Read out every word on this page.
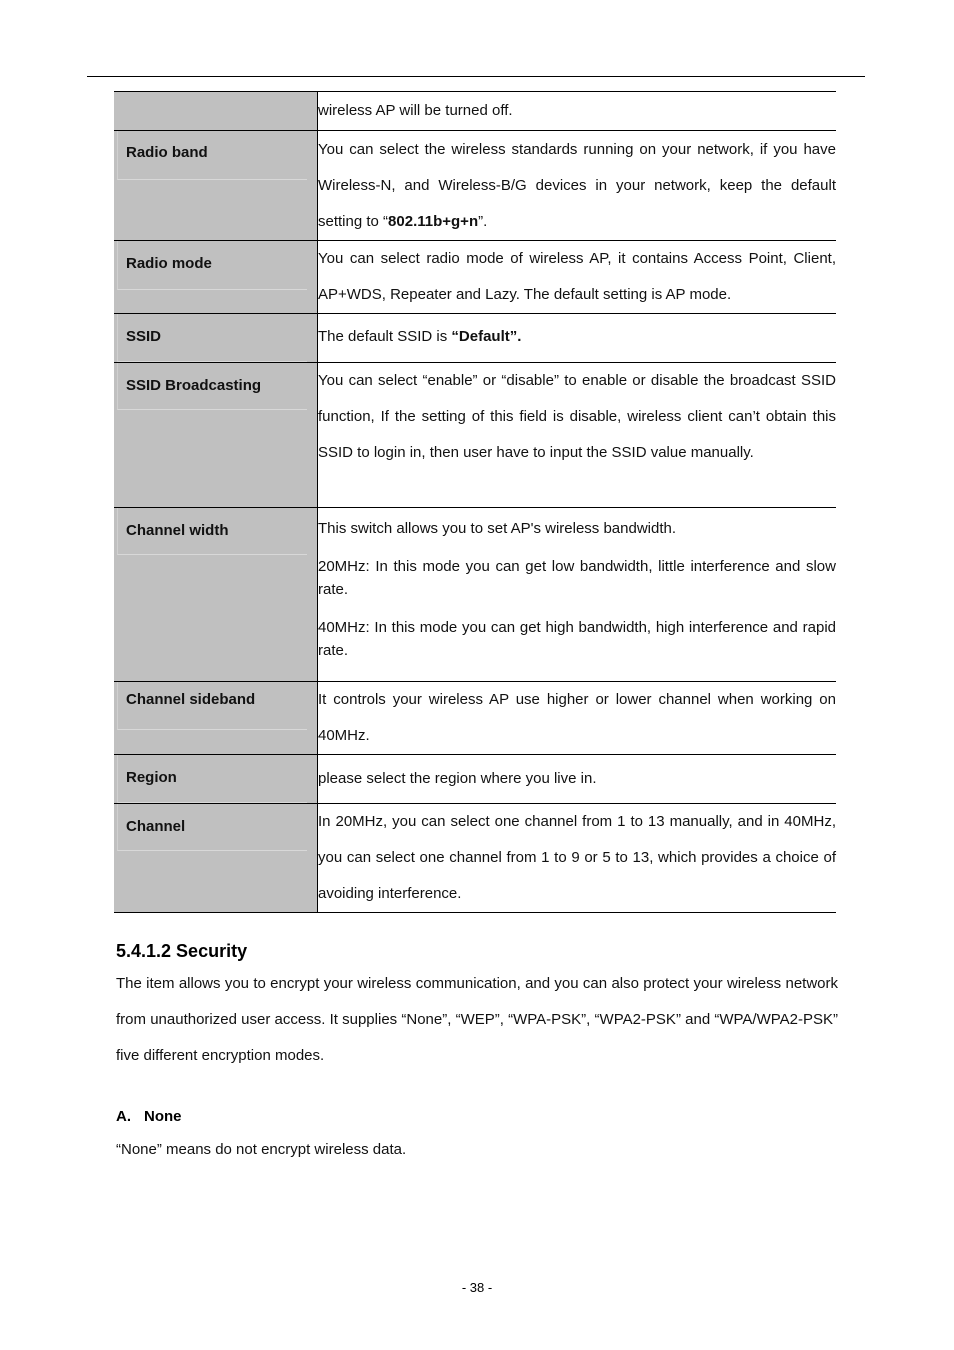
	wireless AP will be turned off.

Radio band	You can select the wireless standards running on your network, if you have Wireless-N, and Wireless-B/G devices in your network, keep the default setting to “802.11b+g+n”.

Radio mode	You can select radio mode of wireless AP, it contains Access Point, Client, AP+WDS, Repeater and Lazy. The default setting is AP mode.

SSID	The default SSID is “Default”.

SSID Broadcasting	You can select “enable” or “disable” to enable or disable the broadcast SSID function, If the setting of this field is disable, wireless client can’t obtain this SSID to login in, then user have to input the SSID value manually.

Channel width	This switch allows you to set AP's wireless bandwidth.

20MHz: In this mode you can get low bandwidth, little interference and slow rate.

40MHz: In this mode you can get high bandwidth, high interference and rapid rate.

Channel sideband	It controls your wireless AP use higher or lower channel when working on 40MHz.

Region	please select the region where you live in.

Channel	In 20MHz, you can select one channel from 1 to 13 manually, and in 40MHz, you can select one channel from 1 to 9 or 5 to 13, which provides a choice of avoiding interference.
5.4.1.2 Security

The item allows you to encrypt your wireless communication, and you can also protect your wireless network from unauthorized user access. It supplies “None”, “WEP”, “WPA-PSK”, “WPA2-PSK” and “WPA/WPA2-PSK” five different encryption modes.

A. None

“None” means do not encrypt wireless data.

- 38 -
